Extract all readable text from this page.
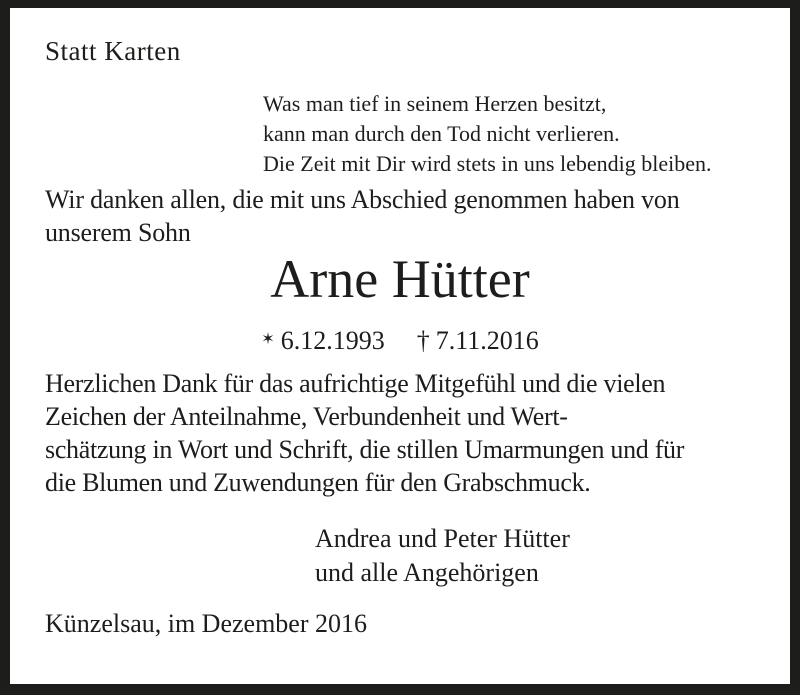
Statt Karten
Was man tief in seinem Herzen besitzt,
kann man durch den Tod nicht verlieren.
Die Zeit mit Dir wird stets in uns lebendig bleiben.
Wir danken allen, die mit uns Abschied genommen haben von
unserem Sohn
Arne Hütter
✶ 6.12.1993 † 7.11.2016
Herzlichen Dank für das aufrichtige Mitgefühl und die vielen
Zeichen der Anteilnahme, Verbundenheit und Wert-
schätzung in Wort und Schrift, die stillen Umarmungen und für
die Blumen und Zuwendungen für den Grabschmuck.
Andrea und Peter Hütter
und alle Angehörigen
Künzelsau, im Dezember 2016
